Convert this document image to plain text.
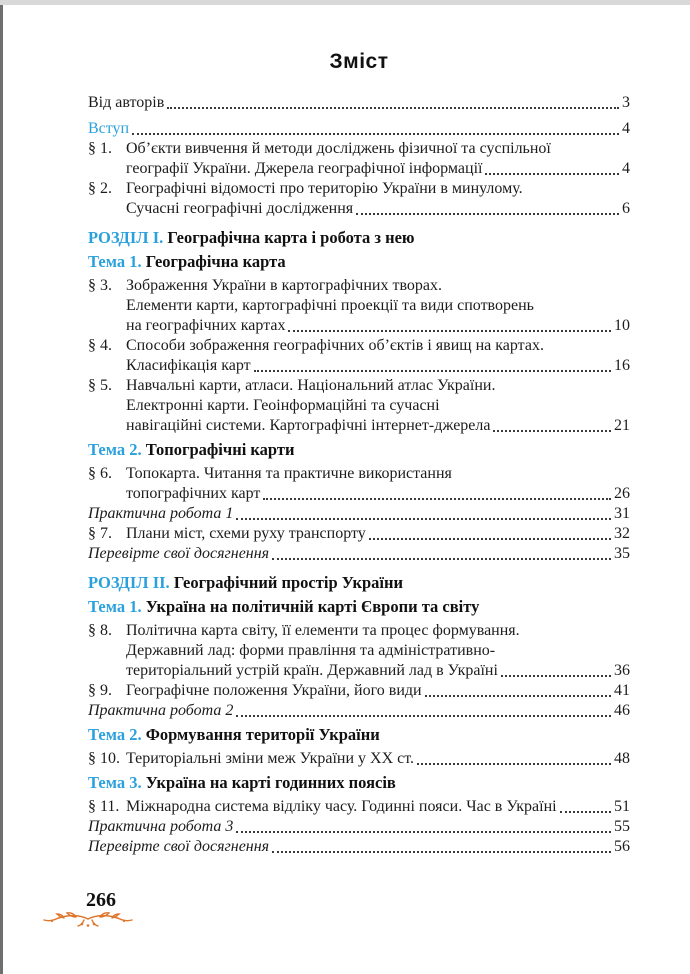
Зміст
Від авторів	3
Вступ	4
§ 1. Об’єкти вивчення й методи досліджень фізичної та суспільної
географії України. Джерела географічної інформації	4
§ 2. Географічні відомості про територію України в минулому.
Сучасні географічні дослідження	6
РОЗДІЛ І. Географічна карта і робота з нею
Тема 1. Географічна карта
§ 3. Зображення України в картографічних творах.
Елементи карти, картографічні проекції та види спотворень
на географічних картах	10
§ 4. Способи зображення географічних об’єктів і явищ на картах.
Класифікація карт	16
§ 5. Навчальні карти, атласи. Національний атлас України.
Електронні карти. Геоінформаційні та сучасні
навігаційні системи. Картографічні інтернет-джерела	21
Тема 2. Топографічні карти
§ 6. Топокарта. Читання та практичне використання
топографічних карт	26
Практична робота 1	31
§ 7. Плани міст, схеми руху транспорту	32
Перевірте свої досягнення	35
РОЗДІЛ ІІ. Географічний простір України
Тема 1. Україна на політичній карті Європи та світу
§ 8. Політична карта світу, її елементи та процес формування.
Державний лад: форми правління та адміністративно-
територіальний устрій країн. Державний лад в Україні	36
§ 9. Географічне положення України, його види	41
Практична робота 2	46
Тема 2. Формування території України
§ 10. Територіальні зміни меж України у XX ст.	48
Тема 3. Україна на карті годинних поясів
§ 11. Міжнародна система відліку часу. Годинні пояси. Час в Україні	51
Практична робота 3	55
Перевірте свої досягнення	56
266
